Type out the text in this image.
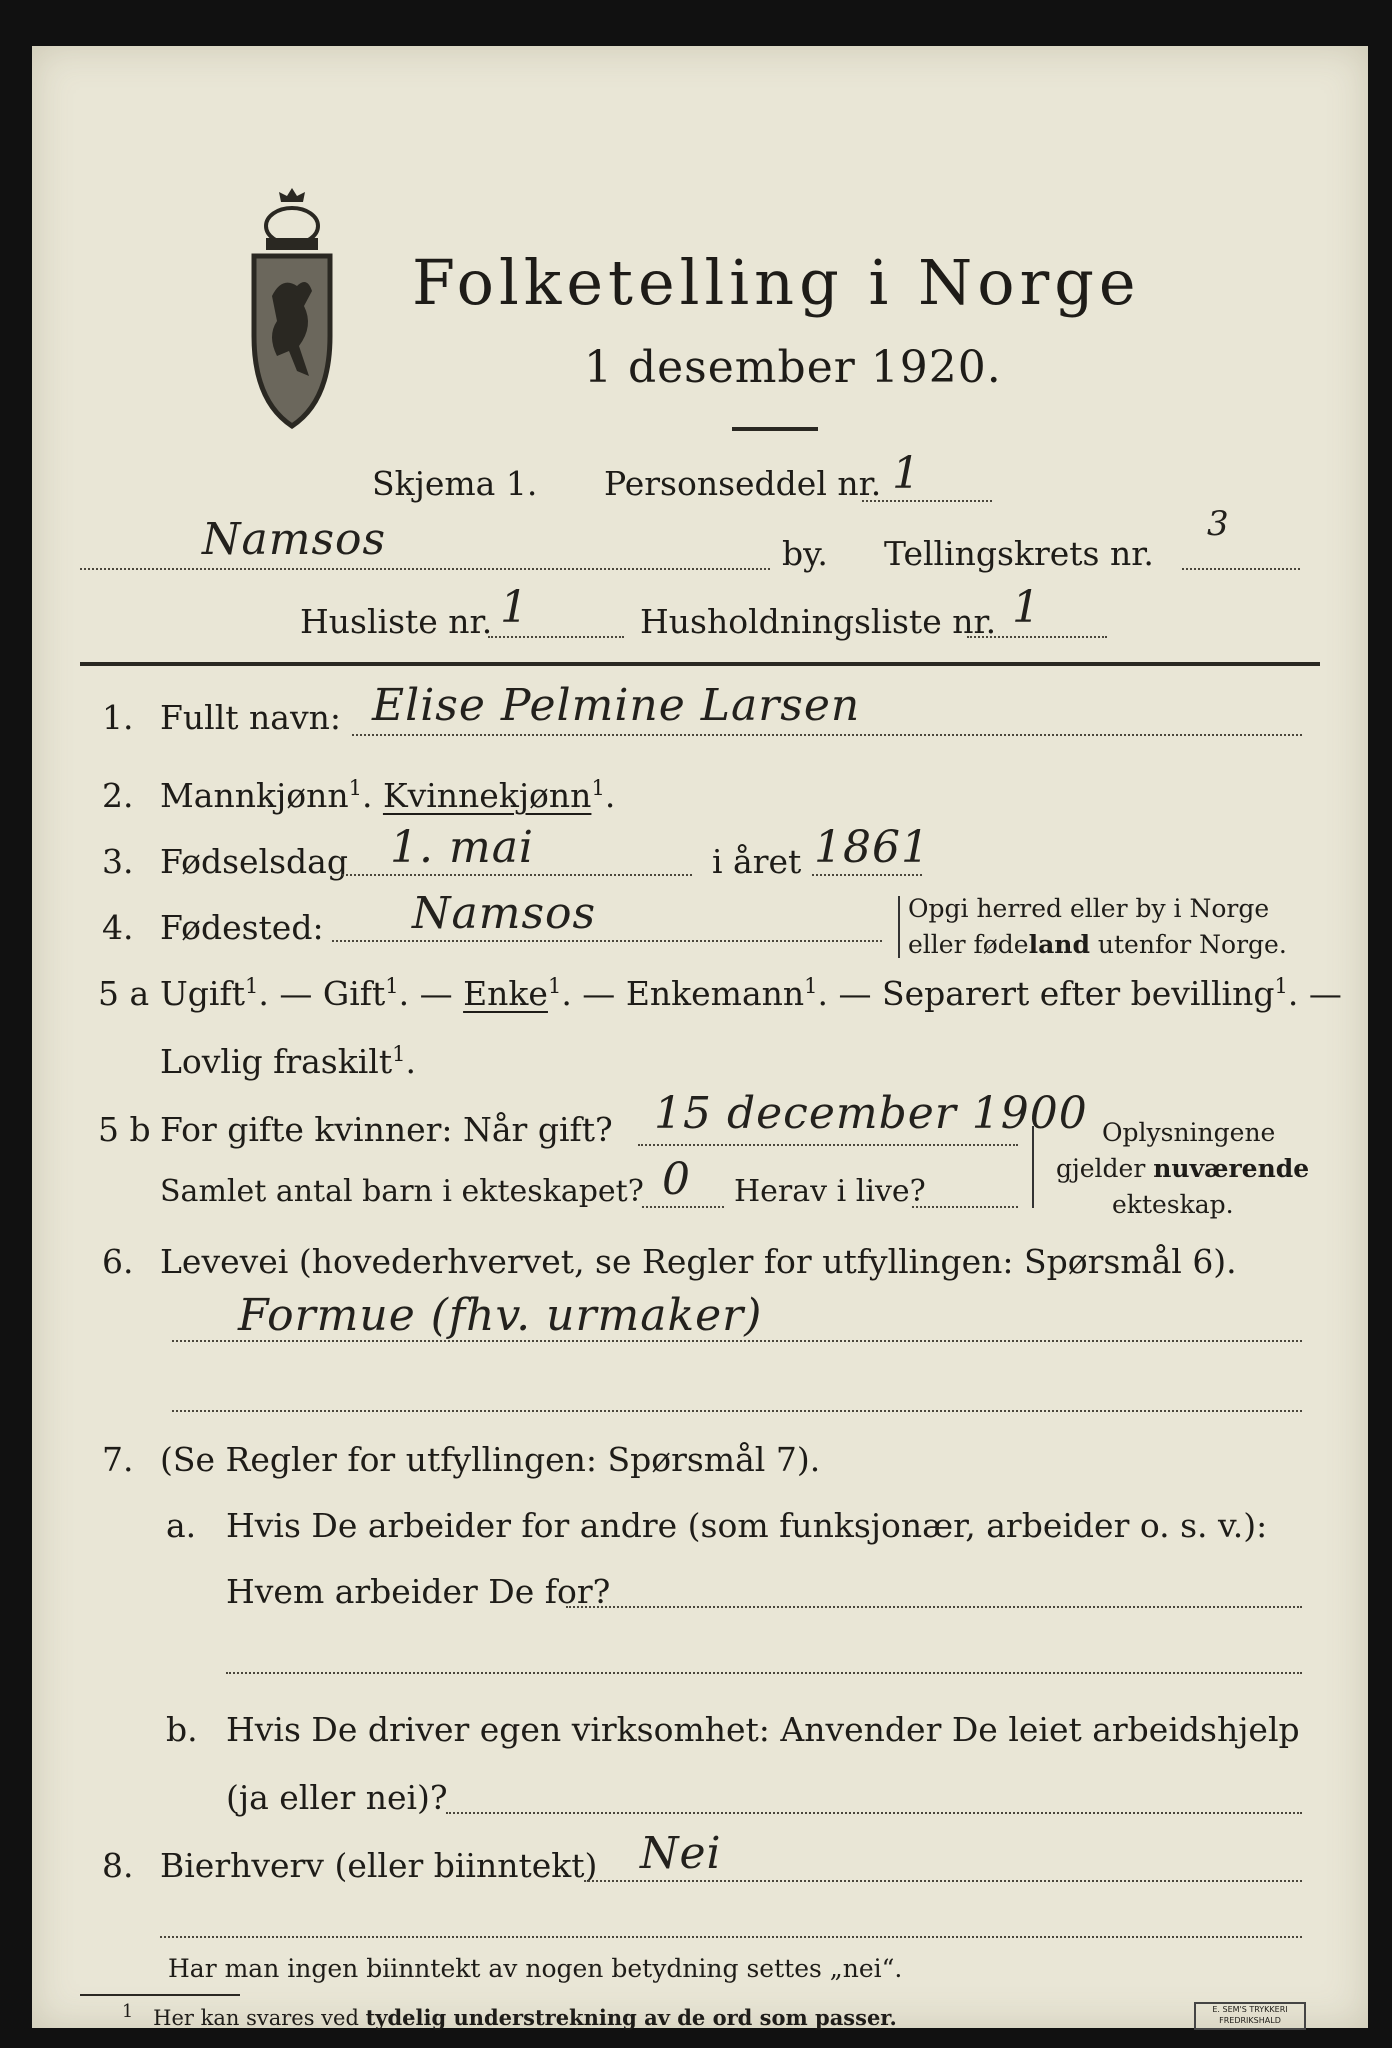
Folketelling i Norge
1 desember 1920.
Skjema 1. Personseddel nr. 1
Namsos	by. Tellingskrets nr.
3
Husliste nr. 1	Husholdningsliste nr. 1
1. Fullt navn: Elise Pelmine Larsen
2. Mannkjønn$^1$. Kvinnekjønn$^1$.
3. Fødselsdag 1. mai	i året 1861
4. Fødested: Namsos	Opgi herred eller by i Norge
eller fødeland utenfor Norge.
5 a Ugift$^1$. — Gift$^1$. — Enke$^1$. — Enkemann$^1$. — Separert efter bevilling$^1$. —
Lovlig fraskilt$^1$.
5 b For gifte kvinner: Når gift? 15 december 1900
Samlet antal barn i ekteskapet? 0 Herav i live?
Oplysningene
gjelder nuværende
ekteskap.
6. Levevei (hovederhvervet, se Regler for utfyllingen: Spørsmål 6).
Formue (fhv. urmaker)
7. (Se Regler for utfyllingen: Spørsmål 7).
a. Hvis De arbeider for andre (som funksjonær, arbeider o. s. v.):
Hvem arbeider De for?
b. Hvis De driver egen virksomhet: Anvender De leiet arbeidshjelp
(ja eller nei)?
8. Bierhverv (eller biinntekt) Nei
Har man ingen biinntekt av nogen betydning settes „nei“.
$^1$ Her kan svares ved tydelig understrekning av de ord som passer.	E. SEM'S TRYKKERI
FREDRIKSHALD
